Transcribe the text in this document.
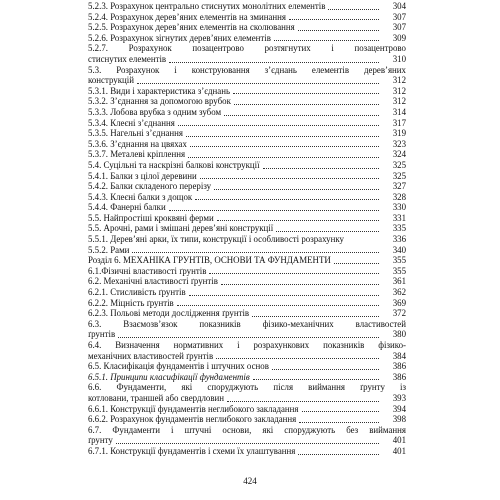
5.2.3. Розрахунок центрально стиснутих монолітних елементів	304
5.2.4. Розрахунок дерев’яних елементів на зминання	307
5.2.5. Розрахунок дерев’яних елементів на сколювання	307
5.2.6. Розрахунок зігнутих дерев’яних елементів	309
5.2.7. Розрахунок позацентрово розтягнутих і позацентрово
стиснутих елементів	310
5.3. Розрахунок і конструювання з’єднань елементів дерев’яних
конструкцій	312
5.3.1. Види і характеристика з’єднань	312
5.3.2. З’єднання за допомогою врубок	312
5.3.3. Лобова врубка з одним зубом	314
5.3.4. Клеєні з’єднання	317
5.3.5. Нагельні з’єднання	319
5.3.6. З’єднання на цвяхах	323
5.3.7. Металеві кріплення	324
5.4. Суцільні та наскрізні балкові конструкції	325
5.4.1. Балки з цілої деревини	325
5.4.2. Балки складеного перерізу	327
5.4.3. Клеєні балки з дощок	328
5.4.4. Фанерні балки	330
5.5. Найпростіші кроквяні ферми	331
5.5. Арочні, рами і змішані дерев’яні конструкції	335
5.5.1. Дерев’яні арки, їх типи, конструкції і особливості розрахунку	336
5.5.2. Рами	340
Розділ 6. МЕХАНІКА ГРУНТІВ, ОСНОВИ ТА ФУНДАМЕНТИ	355
6.1.Фізичні властивості ґрунтів	355
6.2. Механічні властивості ґрунтів	361
6.2.1. Стисливість ґрунтів	362
6.2.2. Міцність ґрунтів	369
6.2.3. Польові методи дослідження ґрунтів	372
6.3. Взаємозв’язок показників фізико-механічних властивостей
ґрунтів	380
6.4. Визначення нормативних і розрахункових показників фізико-
механічних властивостей ґрунтів	384
6.5. Класифікація фундаментів і штучних основ	386
6.5.1. Принципи класифікації фундаментів	386
6.6. Фундаменти, які споруджують після виймання ґрунту із
котловани, траншей або свердловин	393
6.6.1. Конструкції фундаментів неглибокого закладання	394
6.6.2. Розрахунок фундаментів неглибокого закладання	398
6.7. Фундаменти і штучні основи, які споруджують без виймання
ґрунту	401
6.7.1. Конструкції фундаментів і схеми їх улаштування	401
424
